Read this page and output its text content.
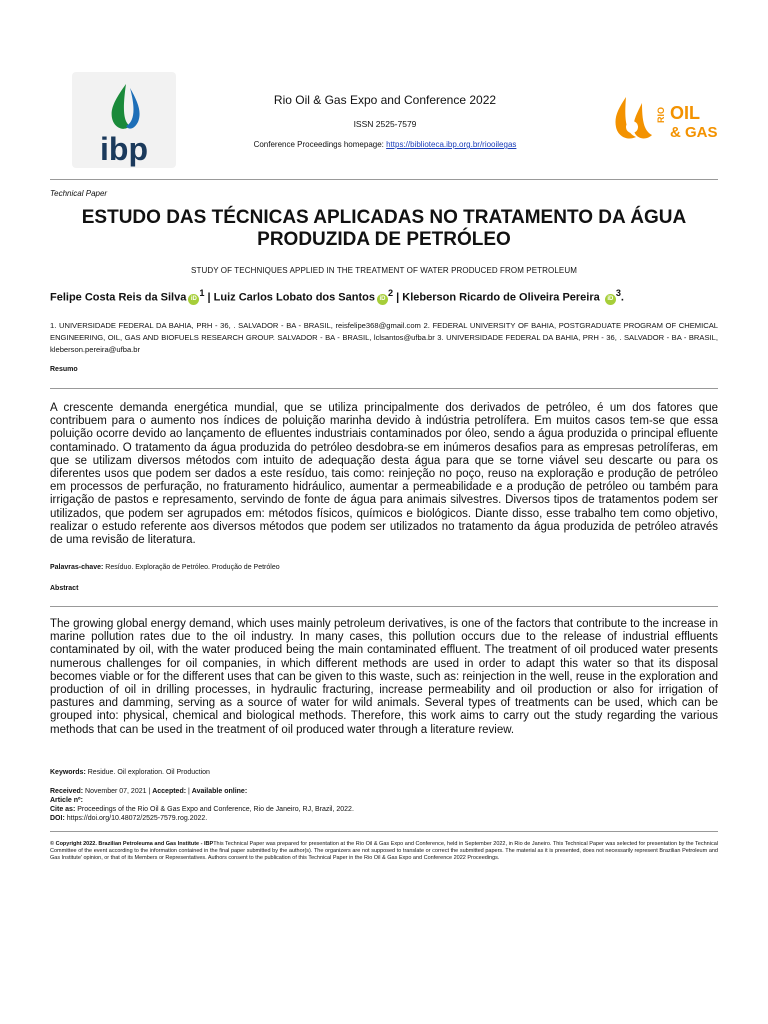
ibp
Rio Oil & Gas Expo and Conference 2022
ISSN 2525-7579
Conference Proceedings homepage: https://biblioteca.ibp.org.br/riooilegas
RIO OIL
& GAS
Technical Paper
ESTUDO DAS TÉCNICAS APLICADAS NO TRATAMENTO DA ÁGUA
PRODUZIDA DE PETRÓLEO
STUDY OF TECHNIQUES APPLIED IN THE TREATMENT OF WATER PRODUCED FROM PETROLEUM
Felipe Costa Reis da Silva $iD^1$ | Luiz Carlos Lobato dos Santos $iD^2$ | Kleberson Ricardo de Oliveira Pereira $iD^3$.
1. UNIVERSIDADE FEDERAL DA BAHIA, PRH - 36, . SALVADOR - BA - BRASIL, reisfelipe368@gmail.com 2. FEDERAL UNIVERSITY OF BAHIA, POSTGRADUATE PROGRAM OF CHEMICAL ENGINEERING, OIL, GAS AND BIOFUELS RESEARCH GROUP. SALVADOR - BA - BRASIL, lclsantos@ufba.br 3. UNIVERSIDADE FEDERAL DA BAHIA, PRH - 36, . SALVADOR - BA - BRASIL, kleberson.pereira@ufba.br
Resumo
A crescente demanda energética mundial, que se utiliza principalmente dos derivados de petróleo, é um dos fatores que contribuem para o aumento nos índices de poluição marinha devido à indústria petrolífera. Em muitos casos tem-se que essa poluição ocorre devido ao lançamento de efluentes industriais contaminados por óleo, sendo a água produzida o principal efluente contaminado. O tratamento da água produzida do petróleo desdobra-se em inúmeros desafios para as empresas petrolíferas, em que se utilizam diversos métodos com intuito de adequação desta água para que se torne viável seu descarte ou para os diferentes usos que podem ser dados a este resíduo, tais como: reinjeção no poço, reuso na exploração e produção de petróleo em processos de perfuração, no fraturamento hidráulico, aumentar a permeabilidade e a produção de petróleo ou também para irrigação de pastos e represamento, servindo de fonte de água para animais silvestres. Diversos tipos de tratamentos podem ser utilizados, que podem ser agrupados em: métodos físicos, químicos e biológicos. Diante disso, esse trabalho tem como objetivo, realizar o estudo referente aos diversos métodos que podem ser utilizados no tratamento da água produzida de petróleo através de uma revisão de literatura.
Palavras-chave: Resíduo. Exploração de Petróleo. Produção de Petróleo
Abstract
The growing global energy demand, which uses mainly petroleum derivatives, is one of the factors that contribute to the increase in marine pollution rates due to the oil industry. In many cases, this pollution occurs due to the release of industrial effluents contaminated by oil, with the water produced being the main contaminated effluent. The treatment of oil produced water presents numerous challenges for oil companies, in which different methods are used in order to adapt this water so that its disposal becomes viable or for the different uses that can be given to this waste, such as: reinjection in the well, reuse in the exploration and production of oil in drilling processes, in hydraulic fracturing, increase permeability and oil production or also for irrigation of pastures and damming, serving as a source of water for wild animals. Several types of treatments can be used, which can be grouped into: physical, chemical and biological methods. Therefore, this work aims to carry out the study regarding the various methods that can be used in the treatment of oil produced water through a literature review.
Keywords: Residue. Oil exploration. Oil Production
Received: November 07, 2021 | Accepted: | Available online:
Article nº:
Cite as: Proceedings of the Rio Oil & Gas Expo and Conference, Rio de Janeiro, RJ, Brazil, 2022.
DOI: https://doi.org/10.48072/2525-7579.rog.2022.
© Copyright 2022. Brazilian Petroleuma and Gas Institute - IBPThis Technical Paper was prepared for presentation at the Rio Oil & Gas Expo and Conference, held in September 2022, in Rio de Janeiro. This Technical Paper was selected for presentation by the Technical Committee of the event according to the information contained in the final paper submitted by the author(s). The organizers are not supposed to translate or correct the submitted papers. The material as it is presented, does not necessarily represent Brazilian Petroleum and Gas Institute' opinion, or that of its Members or Representatives. Authors consent to the publication of this Technical Paper in the Rio Oil & Gas Expo and Conference 2022 Proceedings.
